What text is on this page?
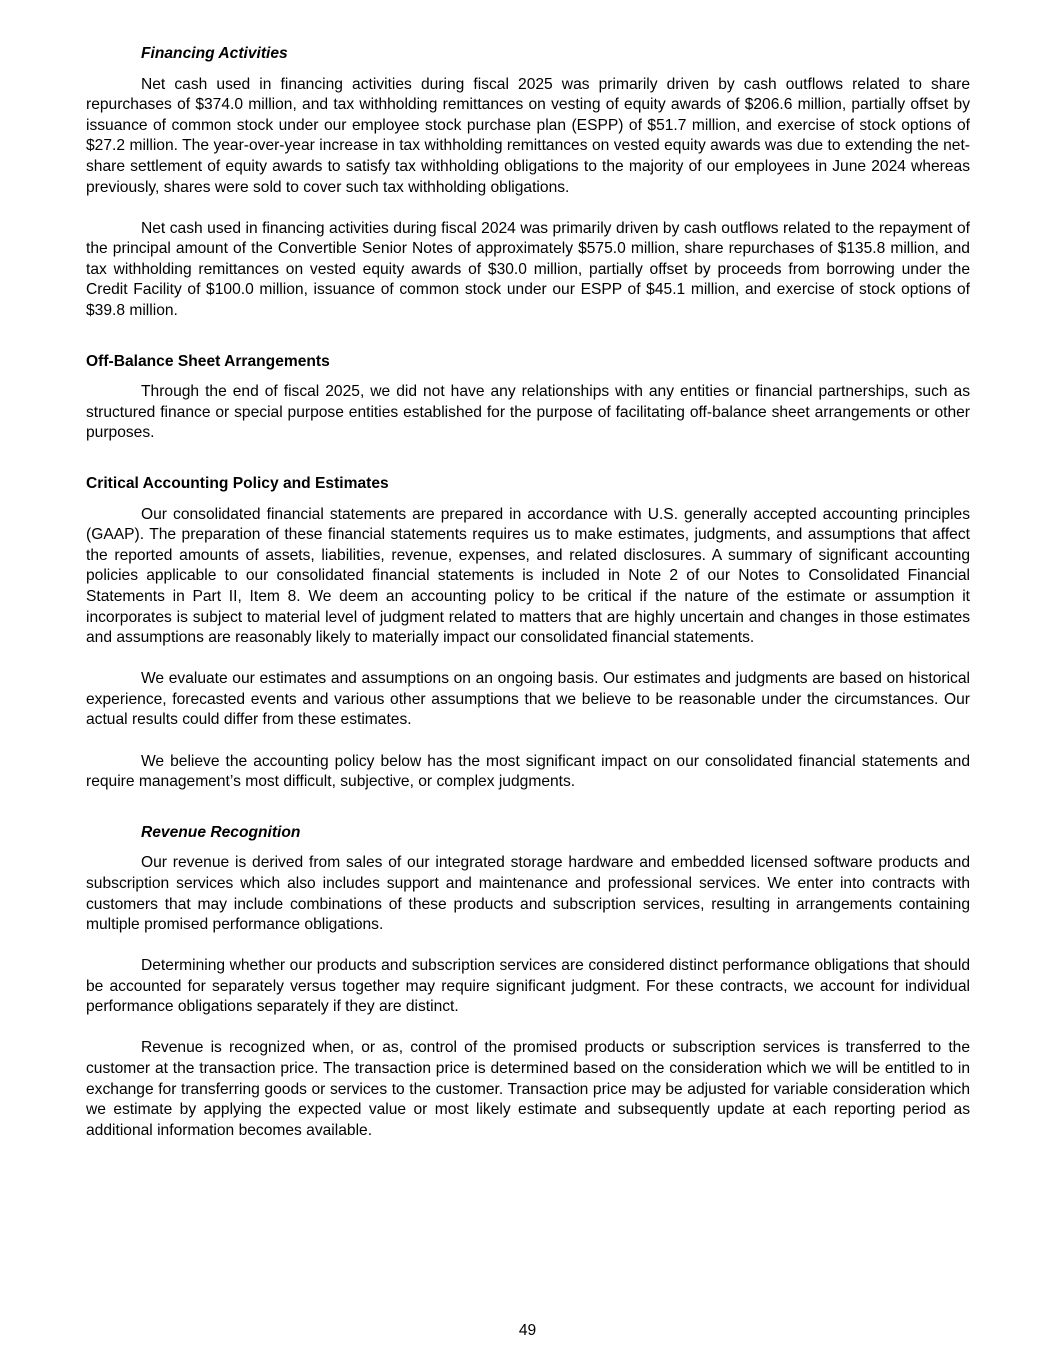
Financing Activities

Net cash used in financing activities during fiscal 2025 was primarily driven by cash outflows related to share repurchases of $374.0 million, and tax withholding remittances on vesting of equity awards of $206.6 million, partially offset by issuance of common stock under our employee stock purchase plan (ESPP) of $51.7 million, and exercise of stock options of $27.2 million. The year-over-year increase in tax withholding remittances on vested equity awards was due to extending the net-share settlement of equity awards to satisfy tax withholding obligations to the majority of our employees in June 2024 whereas previously, shares were sold to cover such tax withholding obligations.

Net cash used in financing activities during fiscal 2024 was primarily driven by cash outflows related to the repayment of the principal amount of the Convertible Senior Notes of approximately $575.0 million, share repurchases of $135.8 million, and tax withholding remittances on vested equity awards of $30.0 million, partially offset by proceeds from borrowing under the Credit Facility of $100.0 million, issuance of common stock under our ESPP of $45.1 million, and exercise of stock options of $39.8 million.

Off-Balance Sheet Arrangements

Through the end of fiscal 2025, we did not have any relationships with any entities or financial partnerships, such as structured finance or special purpose entities established for the purpose of facilitating off-balance sheet arrangements or other purposes.

Critical Accounting Policy and Estimates

Our consolidated financial statements are prepared in accordance with U.S. generally accepted accounting principles (GAAP). The preparation of these financial statements requires us to make estimates, judgments, and assumptions that affect the reported amounts of assets, liabilities, revenue, expenses, and related disclosures. A summary of significant accounting policies applicable to our consolidated financial statements is included in Note 2 of our Notes to Consolidated Financial Statements in Part II, Item 8. We deem an accounting policy to be critical if the nature of the estimate or assumption it incorporates is subject to material level of judgment related to matters that are highly uncertain and changes in those estimates and assumptions are reasonably likely to materially impact our consolidated financial statements.

We evaluate our estimates and assumptions on an ongoing basis. Our estimates and judgments are based on historical experience, forecasted events and various other assumptions that we believe to be reasonable under the circumstances. Our actual results could differ from these estimates.

We believe the accounting policy below has the most significant impact on our consolidated financial statements and require management’s most difficult, subjective, or complex judgments.

Revenue Recognition

Our revenue is derived from sales of our integrated storage hardware and embedded licensed software products and subscription services which also includes support and maintenance and professional services. We enter into contracts with customers that may include combinations of these products and subscription services, resulting in arrangements containing multiple promised performance obligations.

Determining whether our products and subscription services are considered distinct performance obligations that should be accounted for separately versus together may require significant judgment. For these contracts, we account for individual performance obligations separately if they are distinct.

Revenue is recognized when, or as, control of the promised products or subscription services is transferred to the customer at the transaction price. The transaction price is determined based on the consideration which we will be entitled to in exchange for transferring goods or services to the customer. Transaction price may be adjusted for variable consideration which we estimate by applying the expected value or most likely estimate and subsequently update at each reporting period as additional information becomes available.

49
